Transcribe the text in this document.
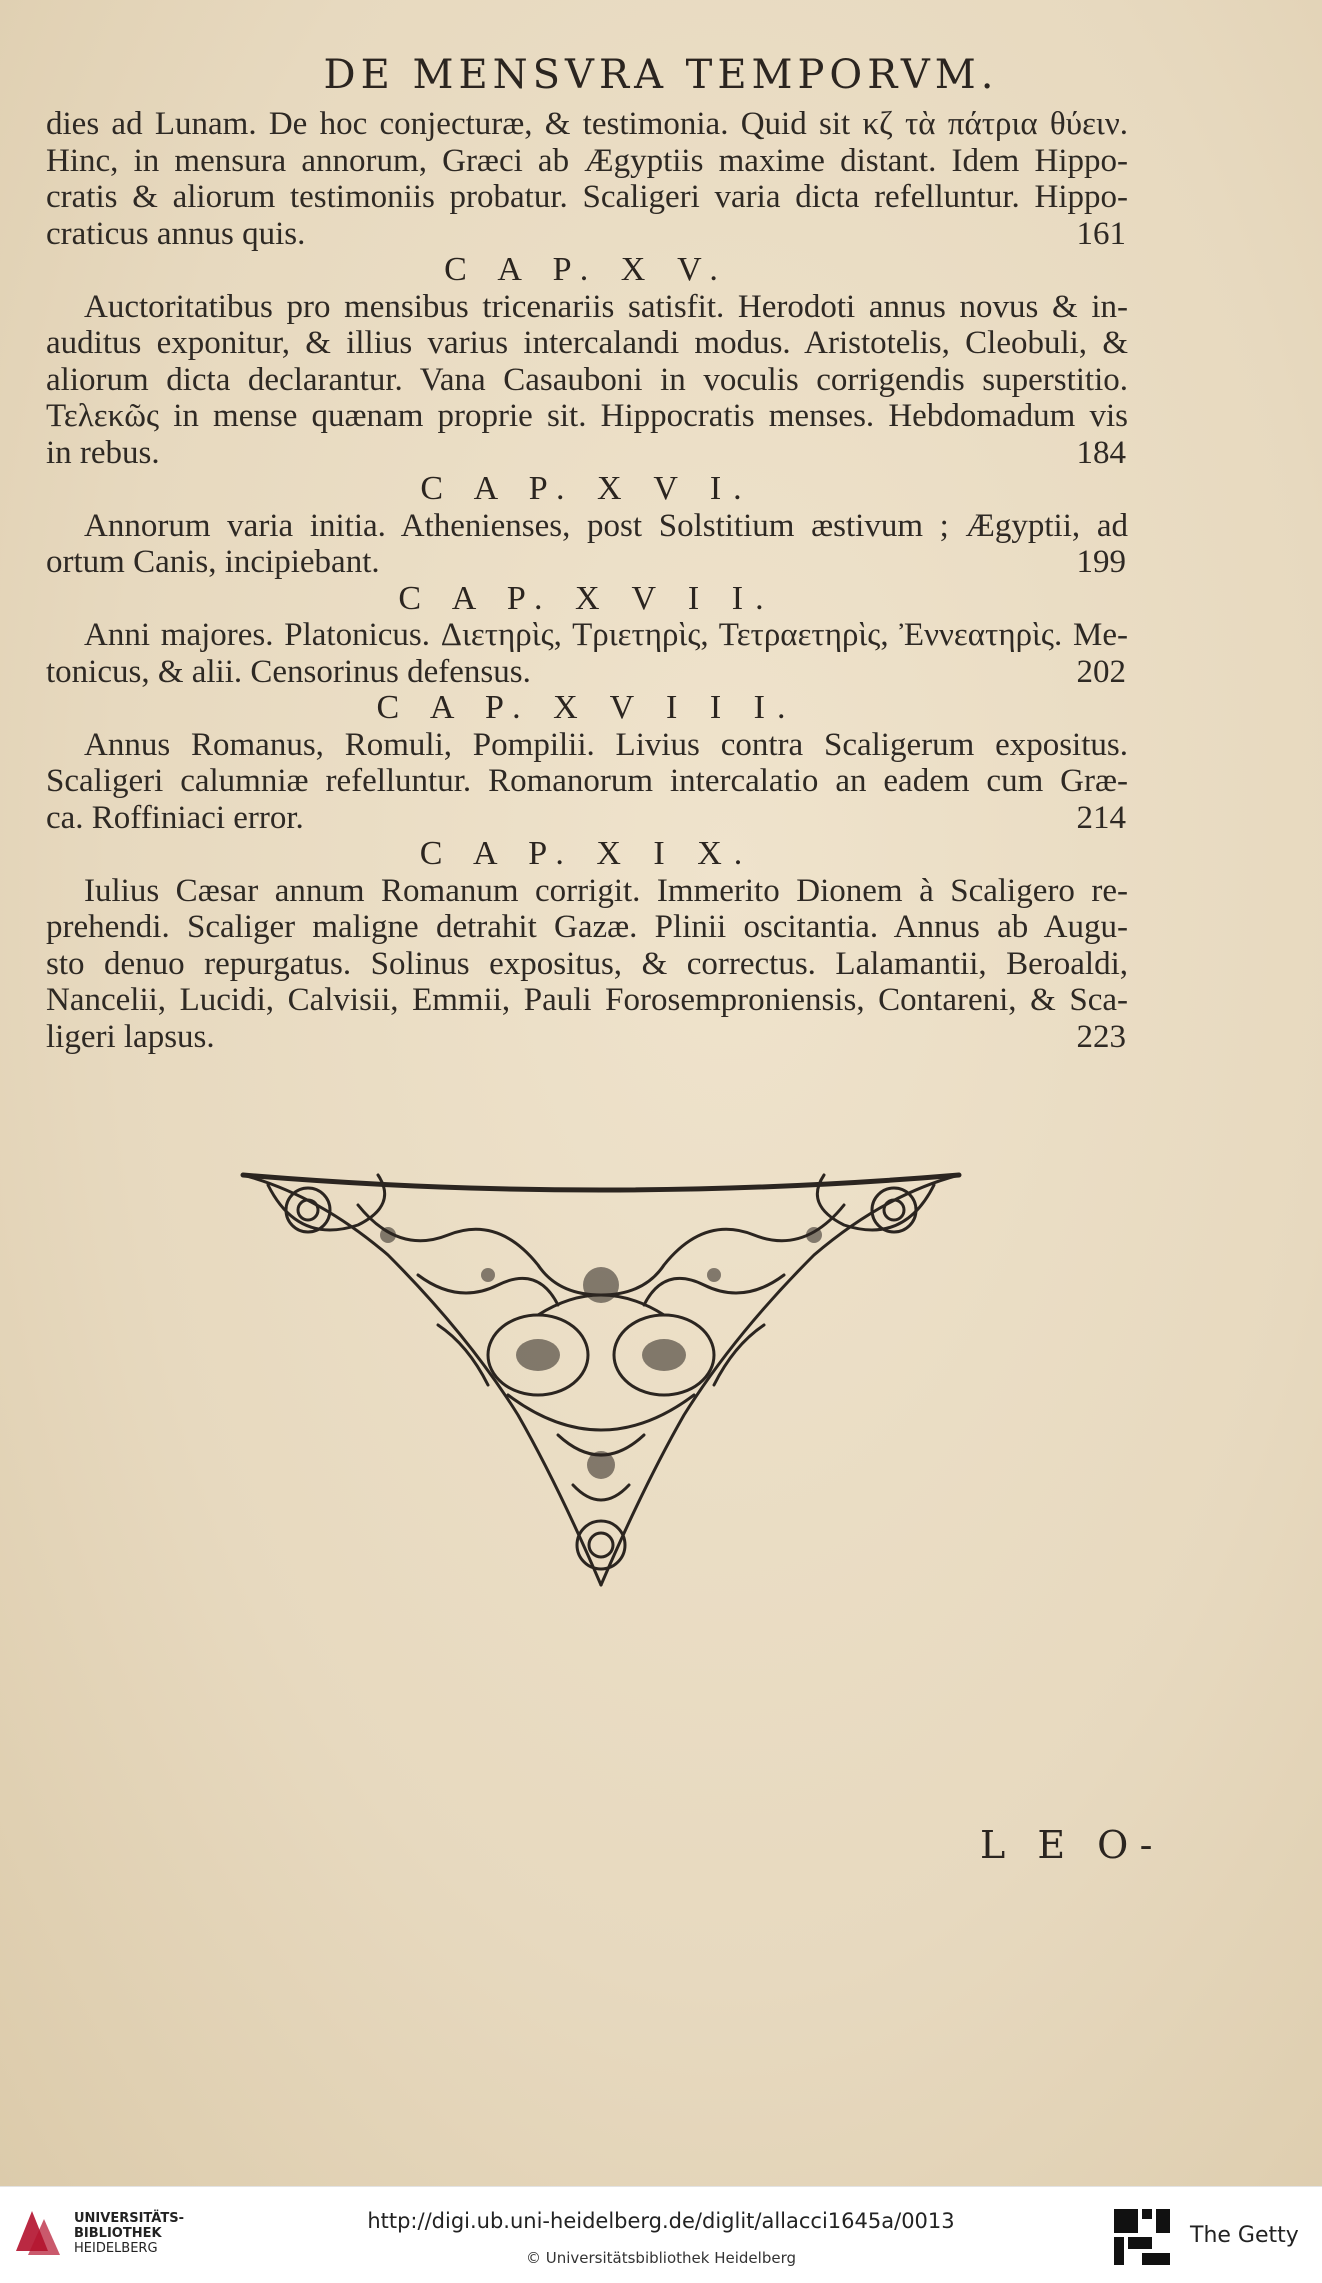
DE MENSVRA TEMPORVM.
dies ad Lunam. De hoc conjecturæ, & testimonia. Quid sit κζ τὰ πάτρια θύειν.
Hinc, in mensura annorum, Græci ab Ægyptiis maxime distant. Idem Hippo-
cratis & aliorum testimoniis probatur. Scaligeri varia dicta refelluntur. Hippo-
craticus annus quis.	161
C A P. X V.
Auctoritatibus pro mensibus tricenariis satisfit. Herodoti annus novus & in-
auditus exponitur, & illius varius intercalandi modus. Aristotelis, Cleobuli, &
aliorum dicta declarantur. Vana Casauboni in voculis corrigendis superstitio.
Τελεκῶς in mense quænam proprie sit. Hippocratis menses. Hebdomadum vis
in rebus.	184
C A P. X V I.
Annorum varia initia. Athenienses, post Solstitium æstivum ; Ægyptii, ad
ortum Canis, incipiebant.	199
C A P. X V I I.
Anni majores. Platonicus. Διετηρὶς, Τριετηρὶς, Τετραετηρὶς, Ἐννεατηρὶς. Me-
tonicus, & alii. Censorinus defensus.	202
C A P. X V I I I.
Annus Romanus, Romuli, Pompilii. Livius contra Scaligerum expositus.
Scaligeri calumniæ refelluntur. Romanorum intercalatio an eadem cum Græ-
ca. Roffiniaci error.	214
C A P. X I X.
Iulius Cæsar annum Romanum corrigit. Immerito Dionem à Scaligero re-
prehendi. Scaliger maligne detrahit Gazæ. Plinii oscitantia. Annus ab Augu-
sto denuo repurgatus. Solinus expositus, & correctus. Lalamantii, Beroaldi,
Nancelii, Lucidi, Calvisii, Emmii, Pauli Forosemproniensis, Contareni, & Sca-
ligeri lapsus.	223
L E O-
UNIVERSITÄTS-
BIBLIOTHEK
HEIDELBERG
http://digi.ub.uni-heidelberg.de/diglit/allacci1645a/0013
© Universitätsbibliothek Heidelberg
The Getty
